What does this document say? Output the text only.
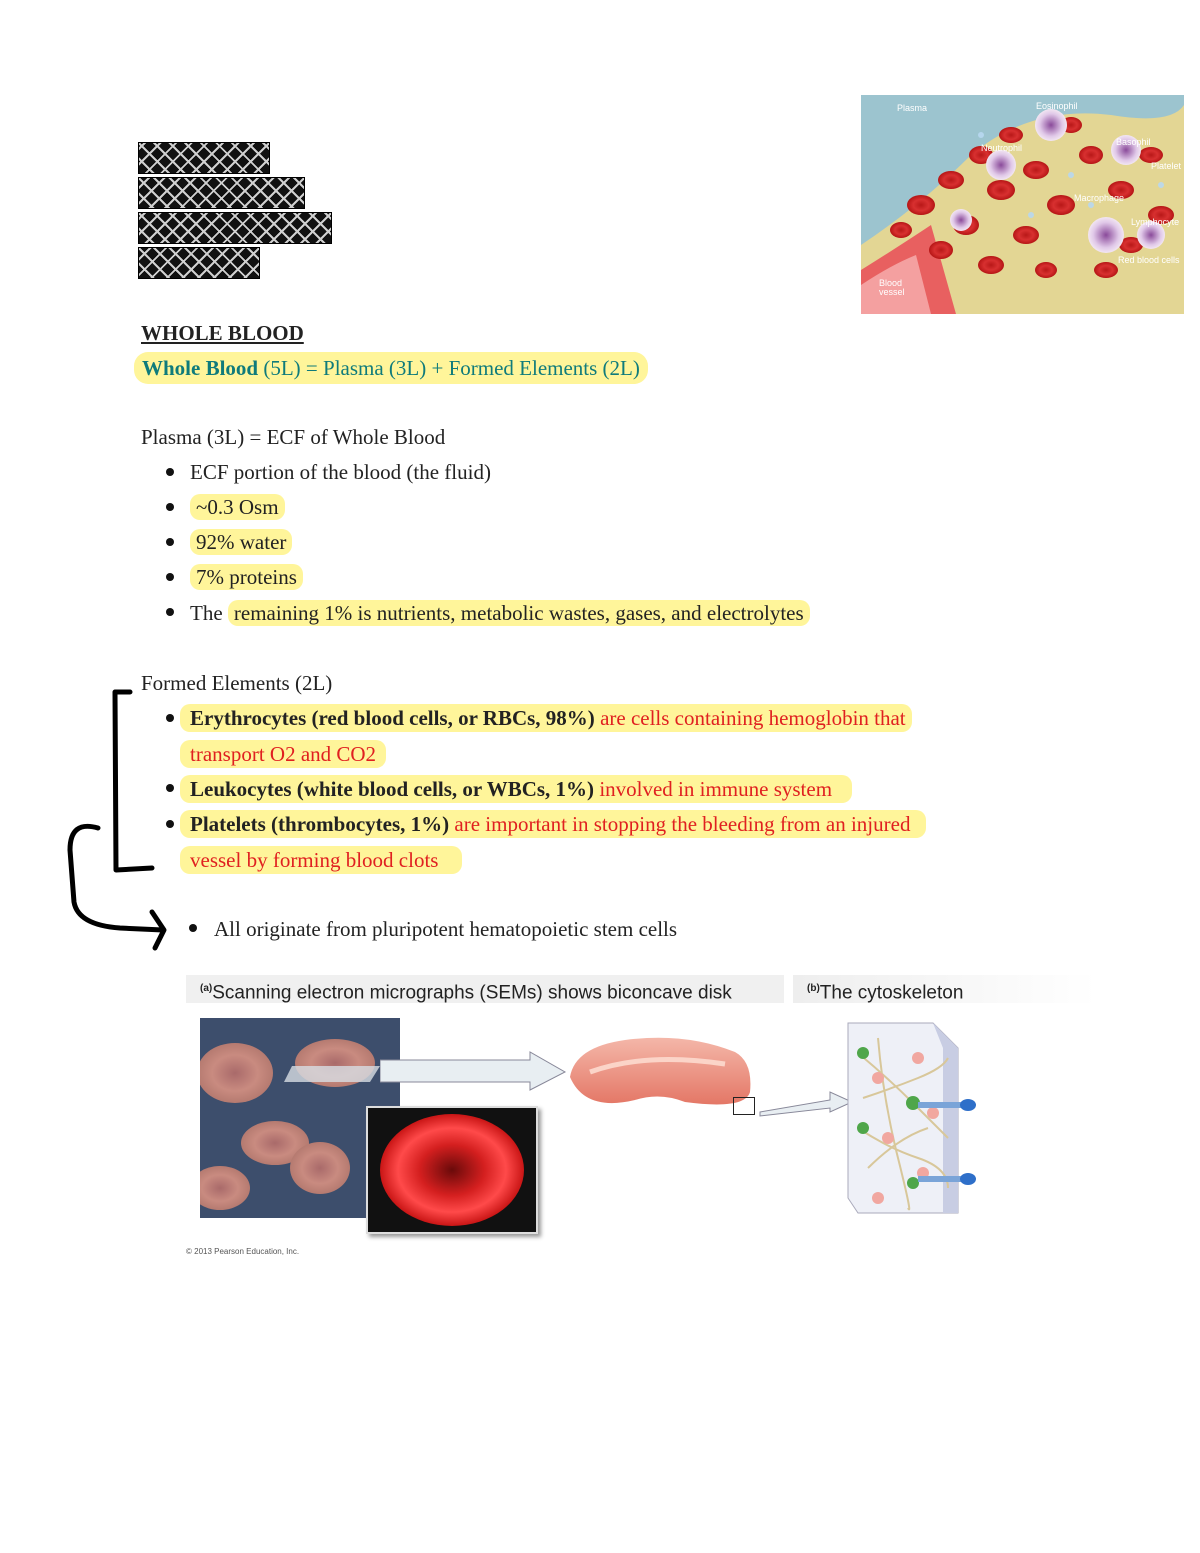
Plasma	Eosinophil
Neutrophil
Basophil
Platelet
Macrophage
Lymphocyte
Red blood cells
Blood vessel
WHOLE BLOOD
Whole Blood (5L) = Plasma (3L) + Formed Elements (2L)
Plasma (3L) = ECF of Whole Blood
ECF portion of the blood (the fluid)
~0.3 Osm
92% water
7% proteins
The remaining 1% is nutrients, metabolic wastes, gases, and electrolytes
Formed Elements (2L)
Erythrocytes (red blood cells, or RBCs, 98%) are cells containing hemoglobin that
transport O2 and CO2
Leukocytes (white blood cells, or WBCs, 1%) involved in immune system
Platelets (thrombocytes, 1%) are important in stopping the bleeding from an injured
vessel by forming blood clots
All originate from pluripotent hematopoietic stem cells
$^{(a)}$Scanning electron micrographs (SEMs) shows biconcave disk	$^{(b)}$The cytoskeleton
© 2013 Pearson Education, Inc.
